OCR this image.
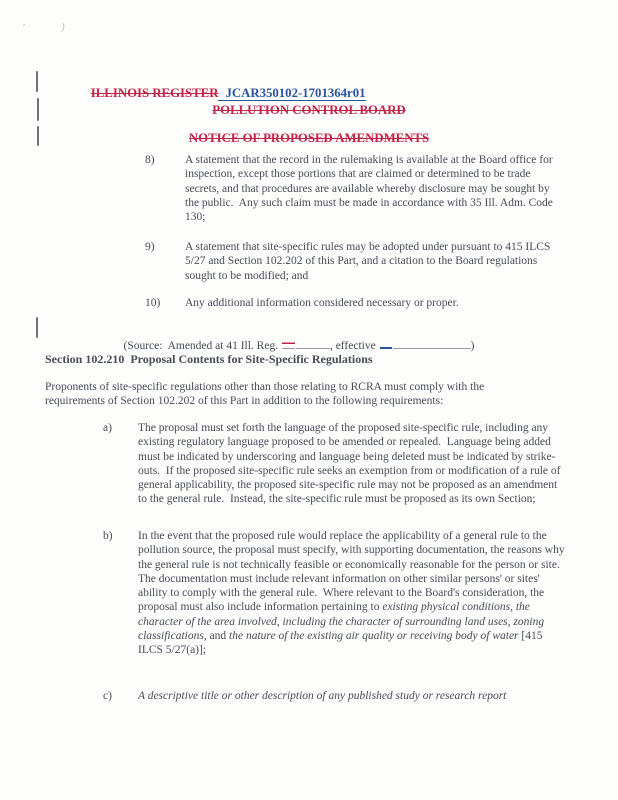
ʹ	)

ILLINOIS REGISTER JCAR350102-1701364r01

POLLUTION CONTROL BOARD
NOTICE OF PROPOSED AMENDMENTS
8)	A statement that the record in the rulemaking is available at the Board office for inspection, except those portions that are claimed or determined to be trade secrets, and that procedures are available whereby disclosure may be sought by the public.  Any such claim must be made in accordance with 35 Ill. Adm. Code 130;
9)	A statement that site-specific rules may be adopted under pursuant to 415 ILCS 5/27 and Section 102.202 of this Part, and a citation to the Board regulations sought to be modified; and
10)	Any additional information considered necessary or proper.

(Source:  Amended at 41 Ill. Reg.	, effective	)

Section 102.210  Proposal Contents for Site-Specific Regulations
Proponents of site-specific regulations other than those relating to RCRA must comply with the requirements of Section 102.202 of this Part in addition to the following requirements:
a)	The proposal must set forth the language of the proposed site-specific rule, including any existing regulatory language proposed to be amended or repealed.  Language being added must be indicated by underscoring and language being deleted must be indicated by strike-outs.  If the proposed site-specific rule seeks an exemption from or modification of a rule of general applicability, the proposed site-specific rule may not be proposed as an amendment to the general rule.  Instead, the site-specific rule must be proposed as its own Section;
b)	In the event that the proposed rule would replace the applicability of a general rule to the pollution source, the proposal must specify, with supporting documentation, the reasons why the general rule is not technically feasible or economically reasonable for the person or site.  The documentation must include relevant information on other similar persons' or sites' ability to comply with the general rule.  Where relevant to the Board's consideration, the proposal must also include information pertaining to existing physical conditions, the character of the area involved, including the character of surrounding land uses, zoning classifications, and the nature of the existing air quality or receiving body of water [415 ILCS 5/27(a)];
c)	A descriptive title or other description of any published study or research report
